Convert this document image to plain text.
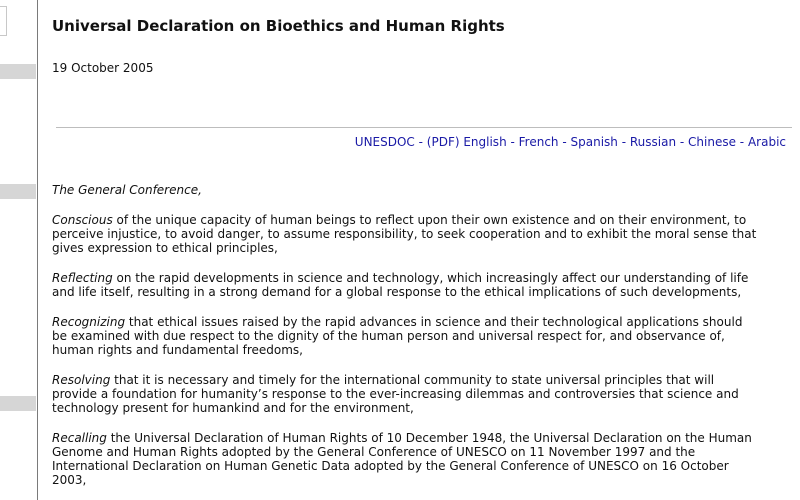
Universal Declaration on Bioethics and Human Rights
19 October 2005
UNESDOC - (PDF) English - French - Spanish - Russian - Chinese - Arabic

The General Conference,

Conscious of the unique capacity of human beings to reflect upon their own existence and on their environment, to
perceive injustice, to avoid danger, to assume responsibility, to seek cooperation and to exhibit the moral sense that
gives expression to ethical principles,

Reflecting on the rapid developments in science and technology, which increasingly affect our understanding of life
and life itself, resulting in a strong demand for a global response to the ethical implications of such developments,

Recognizing that ethical issues raised by the rapid advances in science and their technological applications should
be examined with due respect to the dignity of the human person and universal respect for, and observance of,
human rights and fundamental freedoms,

Resolving that it is necessary and timely for the international community to state universal principles that will
provide a foundation for humanity’s response to the ever-increasing dilemmas and controversies that science and
technology present for humankind and for the environment,

Recalling the Universal Declaration of Human Rights of 10 December 1948, the Universal Declaration on the Human
Genome and Human Rights adopted by the General Conference of UNESCO on 11 November 1997 and the
International Declaration on Human Genetic Data adopted by the General Conference of UNESCO on 16 October
2003,
